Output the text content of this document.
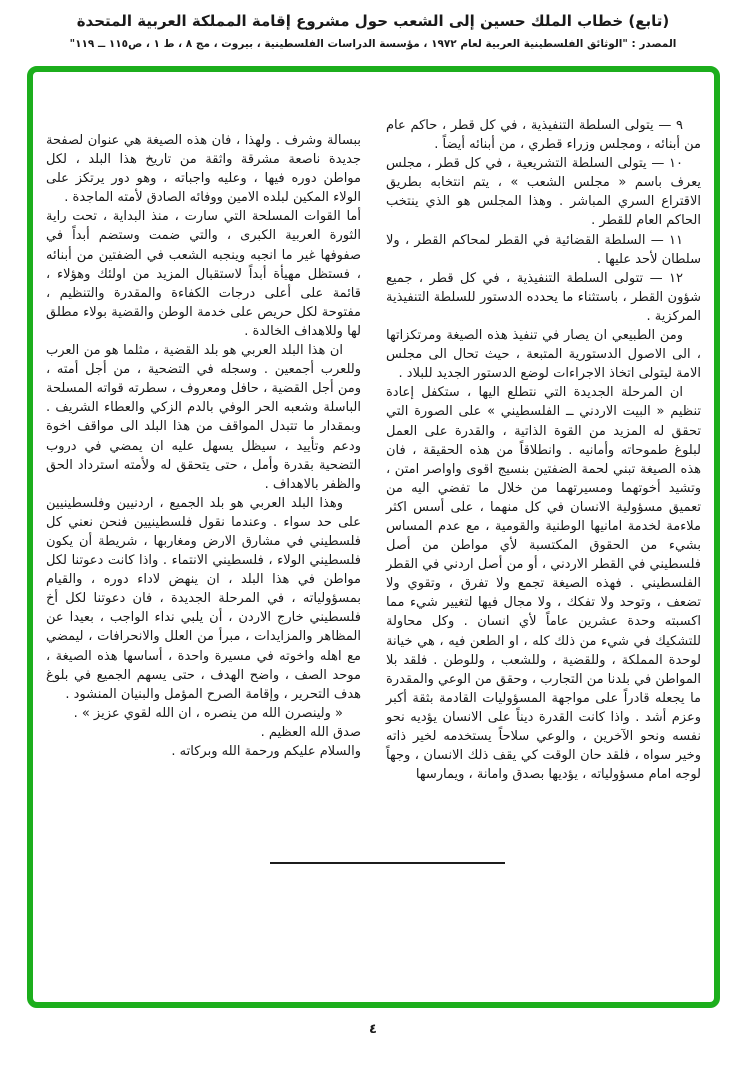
(تابع) خطاب الملك حسين إلى الشعب حول مشروع إقامة المملكة العربية المتحدة
المصدر : "الوثائق الفلسطينية العربية لعام ١٩٧٢ ، مؤسسة الدراسات الفلسطينية ، بيروت ، مج ٨ ، ط ١ ، ص١١٥ ــ ١١٩"

٩ — يتولى السلطة التنفيذية ، في كل قطر ، حاكم عام من أبنائه ، ومجلس وزراء قطري ، من أبنائه أيضاً .

١٠ — يتولى السلطة التشريعية ، في كل قطر ، مجلس يعرف باسم « مجلس الشعب » ، يتم انتخابه بطريق الاقتراع السري المباشر . وهذا المجلس هو الذي ينتخب الحاكم العام للقطر .

١١ — السلطة القضائية في القطر لمحاكم القطر ، ولا سلطان لأحد عليها .

١٢ — تتولى السلطة التنفيذية ، في كل قطر ، جميع شؤون القطر ، باستثناء ما يحدده الدستور للسلطة التنفيذية المركزية .

ومن الطبيعي ان يصار في تنفيذ هذه الصيغة ومرتكزاتها ، الى الاصول الدستورية المتبعة ، حيث تحال الى مجلس الامة ليتولى اتخاذ الاجراءات لوضع الدستور الجديد للبلاد .

ان المرحلة الجديدة التي نتطلع اليها ، ستكفل إعادة تنظيم « البيت الاردني ــ الفلسطيني » على الصورة التي تحقق له المزيد من القوة الذاتية ، والقدرة على العمل لبلوغ طموحاته وأمانيه . وانطلاقاً من هذه الحقيقة ، فان هذه الصيغة تبني لحمة الضفتين بنسيج اقوى واواصر امتن ، وتشيد أخوتهما ومسيرتهما من خلال ما تفضي اليه من تعميق مسؤولية الانسان في كل منهما ، على أسس اكثر ملاءمة لخدمة امانيها الوطنية والقومية ، مع عدم المساس بشيء من الحقوق المكتسبة لأي مواطن من أصل فلسطيني في القطر الاردني ، أو من أصل اردني في القطر الفلسطيني . فهذه الصيغة تجمع ولا تفرق ، وتقوي ولا تضعف ، وتوحد ولا تفكك ، ولا مجال فيها لتغيير شيء مما اكسبته وحدة عشرين عاماً لأي انسان . وكل محاولة للتشكيك في شيء من ذلك كله ، او الطعن فيه ، هي خيانة لوحدة المملكة ، وللقضية ، وللشعب ، وللوطن . فلقد بلا المواطن في بلدنا من التجارب ، وحقق من الوعي والمقدرة ما يجعله قادراً على مواجهة المسؤوليات القادمة بثقة أكبر وعزم أشد . واذا كانت القدرة ديناً على الانسان يؤديه نحو نفسه ونحو الآخرين ، والوعي سلاحاً يستخدمه لخير ذاته وخير سواه ، فلقد حان الوقت كي يقف ذلك الانسان ، وجهاً لوجه امام مسؤولياته ، يؤديها بصدق وامانة ، ويمارسها

ببسالة وشرف . ولهذا ، فان هذه الصيغة هي عنوان لصفحة جديدة ناصعة مشرقة واثقة من تاريخ هذا البلد ، لكل مواطن دوره فيها ، وعليه واجباته ، وهو دور يرتكز على الولاء المكين لبلده الامين ووفائه الصادق لأمته الماجدة .

أما القوات المسلحة التي سارت ، منذ البداية ، تحت راية الثورة العربية الكبرى ، والتي ضمت وستضم أبداً في صفوفها غير ما انجبه وينجبه الشعب في الضفتين من أبنائه ، فستظل مهيأة أبداً لاستقبال المزيد من اولئك وهؤلاء ، قائمة على أعلى درجات الكفاءة والمقدرة والتنظيم ، مفتوحة لكل حريص على خدمة الوطن والقضية بولاء مطلق لها وللاهداف الخالدة .

ان هذا البلد العربي هو بلد القضية ، مثلما هو من العرب وللعرب أجمعين . وسجله في التضحية ، من أجل أمته ، ومن أجل القضية ، حافل ومعروف ، سطرته قواته المسلحة الباسلة وشعبه الحر الوفي بالدم الزكي والعطاء الشريف . وبمقدار ما تتبدل المواقف من هذا البلد الى مواقف اخوة ودعم وتأييد ، سيظل يسهل عليه ان يمضي في دروب التضحية بقدرة وأمل ، حتى يتحقق له ولأمته استرداد الحق والظفر بالاهداف .

وهذا البلد العربي هو بلد الجميع ، اردنيين وفلسطينيين على حد سواء . وعندما نقول فلسطينيين فنحن نعني كل فلسطيني في مشارق الارض ومغاربها ، شريطة أن يكون فلسطيني الولاء ، فلسطيني الانتماء . واذا كانت دعوتنا لكل مواطن في هذا البلد ، ان ينهض لاداء دوره ، والقيام بمسؤولياته ، في المرحلة الجديدة ، فان دعوتنا لكل أخ فلسطيني خارج الاردن ، أن يلبي نداء الواجب ، بعيدا عن المظاهر والمزايدات ، مبرأ من العلل والانحرافات ، ليمضي مع اهله واخوته في مسيرة واحدة ، أساسها هذه الصيغة ، موحد الصف ، واضح الهدف ، حتى يسهم الجميع في بلوغ هدف التحرير ، وإقامة الصرح المؤمل والبنيان المنشود .

« ولينصرن الله من ينصره ، ان الله لقوي عزيز » .

صدق الله العظيم .

والسلام عليكم ورحمة الله وبركاته .

٤
